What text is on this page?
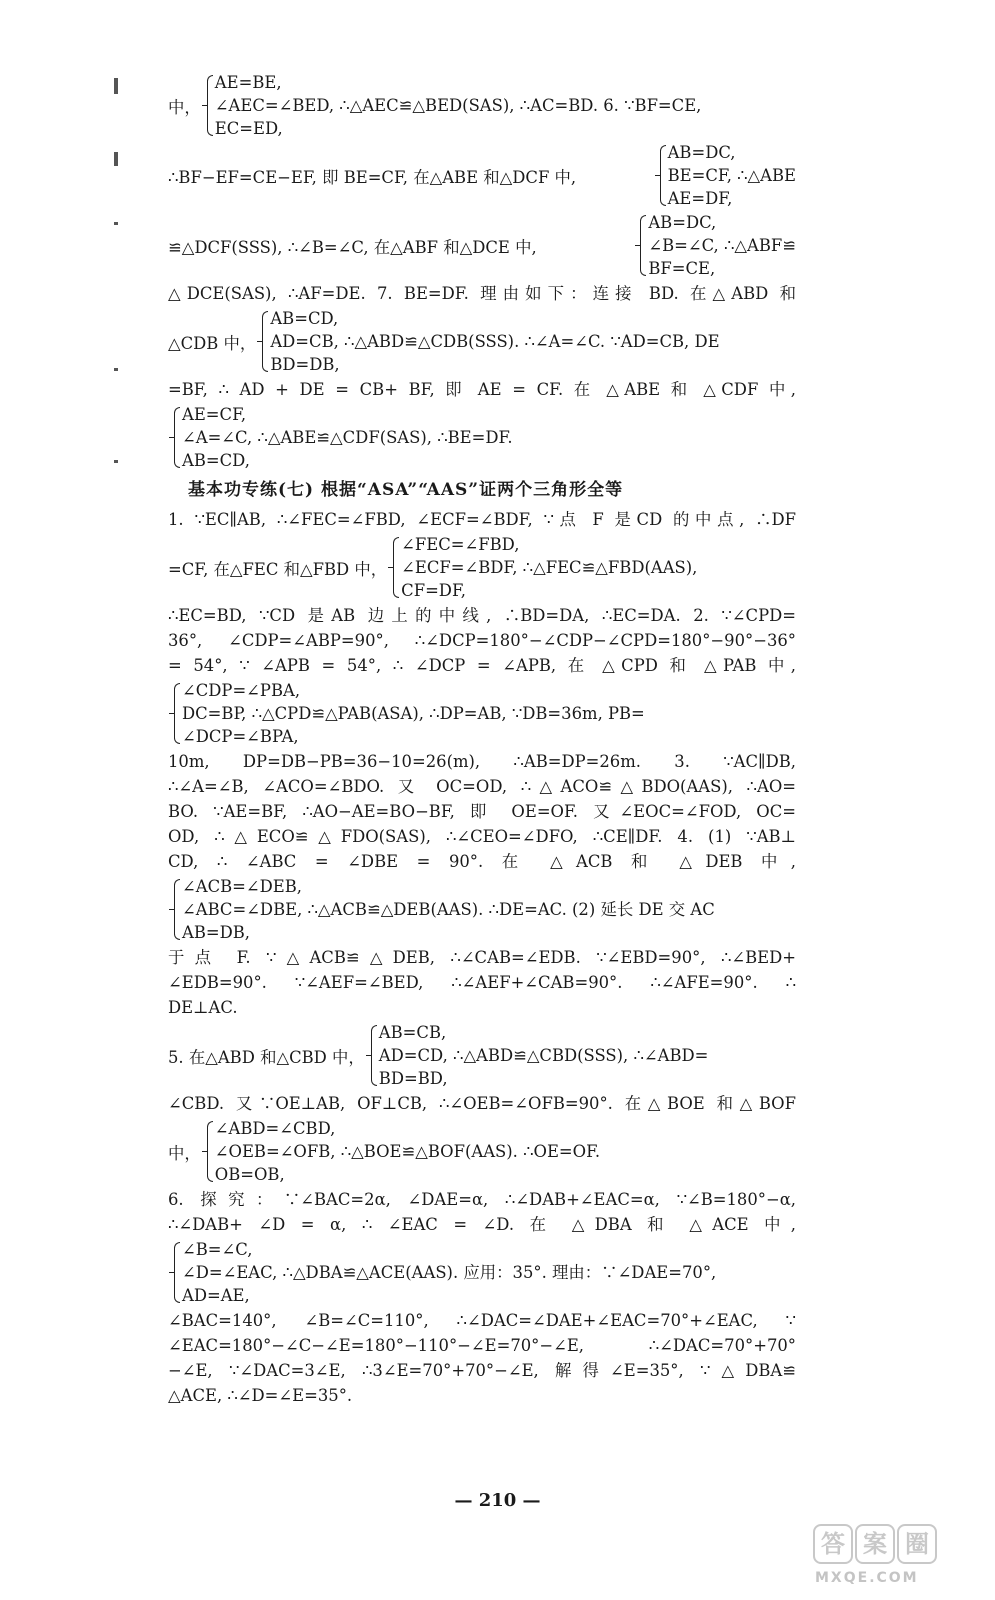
中，
AE=BE,
∠AEC=∠BED, ∴△AEC≌△BED(SAS), ∴AC=BD. 6. ∵BF=CE,
EC=ED,
∴BF−EF=CE−EF, 即 BE=CF, 在△ABE 和△DCF 中,
AB=DC,
BE=CF, ∴△ABE
AE=DF,
≌△DCF(SSS), ∴∠B=∠C, 在△ABF 和△DCE 中,
AB=DC,
∠B=∠C, ∴△ABF≌
BF=CE,
△DCE(SAS), ∴AF=DE. 7. BE=DF. 理由如下：连接 BD. 在△ABD 和
△CDB 中，
AB=CD,
AD=CB, ∴△ABD≌△CDB(SSS). ∴∠A=∠C. ∵AD=CB, DE
BD=DB,
=BF, ∴ AD + DE = CB+ BF, 即 AE = CF. 在 △ABE 和 △CDF 中,
AE=CF,
∠A=∠C, ∴△ABE≌△CDF(SAS), ∴BE=DF.
AB=CD,
基本功专练(七) 根据“ASA”“AAS”证两个三角形全等
1. ∵EC∥AB, ∴∠FEC=∠FBD, ∠ECF=∠BDF, ∵点 F 是CD 的中点, ∴DF
=CF, 在△FEC 和△FBD 中，
∠FEC=∠FBD,
∠ECF=∠BDF, ∴△FEC≌△FBD(AAS),
CF=DF,
∴EC=BD, ∵CD 是AB 边上的中线, ∴BD=DA, ∴EC=DA. 2. ∵∠CPD=
36°, ∠CDP=∠ABP=90°, ∴∠DCP=180°−∠CDP−∠CPD=180°−90°−36°
= 54°, ∵ ∠APB = 54°, ∴ ∠DCP = ∠APB, 在 △CPD 和 △PAB 中,
∠CDP=∠PBA,
DC=BP, ∴△CPD≌△PAB(ASA), ∴DP=AB, ∵DB=36m, PB=
∠DCP=∠BPA,
10m, DP=DB−PB=36−10=26(m), ∴AB=DP=26m. 3. ∵AC∥DB,
∴∠A=∠B, ∠ACO=∠BDO. 又 OC=OD, ∴△ACO≌△BDO(AAS), ∴AO=
BO. ∵AE=BF, ∴AO−AE=BO−BF, 即 OE=OF. 又∠EOC=∠FOD, OC=
OD, ∴△ECO≌△FDO(SAS), ∴∠CEO=∠DFO, ∴CE∥DF. 4. (1) ∵AB⊥
CD, ∴ ∠ABC = ∠DBE = 90°. 在 △ACB 和 △DEB 中,
∠ACB=∠DEB,
∠ABC=∠DBE, ∴△ACB≌△DEB(AAS). ∴DE=AC. (2) 延长 DE 交 AC
AB=DB,
于点 F. ∵△ACB≌△DEB, ∴∠CAB=∠EDB. ∵∠EBD=90°, ∴∠BED+
∠EDB=90°. ∵∠AEF=∠BED, ∴∠AEF+∠CAB=90°. ∴∠AFE=90°. ∴
DE⊥AC.
5. 在△ABD 和△CBD 中，
AB=CB,
AD=CD, ∴△ABD≌△CBD(SSS), ∴∠ABD=
BD=BD,
∠CBD. 又∵OE⊥AB, OF⊥CB, ∴∠OEB=∠OFB=90°. 在△BOE 和△BOF
中，
∠ABD=∠CBD,
∠OEB=∠OFB, ∴△BOE≌△BOF(AAS). ∴OE=OF.
OB=OB,
6. 探究：∵∠BAC=2α, ∠DAE=α, ∴∠DAB+∠EAC=α, ∵∠B=180°−α,
∴∠DAB+ ∠D = α, ∴ ∠EAC = ∠D. 在 △DBA 和 △ACE 中,
∠B=∠C,
∠D=∠EAC, ∴△DBA≌△ACE(AAS). 应用：35°. 理由：∵∠DAE=70°,
AD=AE,
∠BAC=140°, ∠B=∠C=110°, ∴∠DAC=∠DAE+∠EAC=70°+∠EAC, ∵
∠EAC=180°−∠C−∠E=180°−110°−∠E=70°−∠E, ∴∠DAC=70°+70°
−∠E, ∵∠DAC=3∠E, ∴3∠E=70°+70°−∠E, 解得∠E=35°, ∵△DBA≌
△ACE, ∴∠D=∠E=35°.
— 210 —
答 案 圈
MXQE.COM
